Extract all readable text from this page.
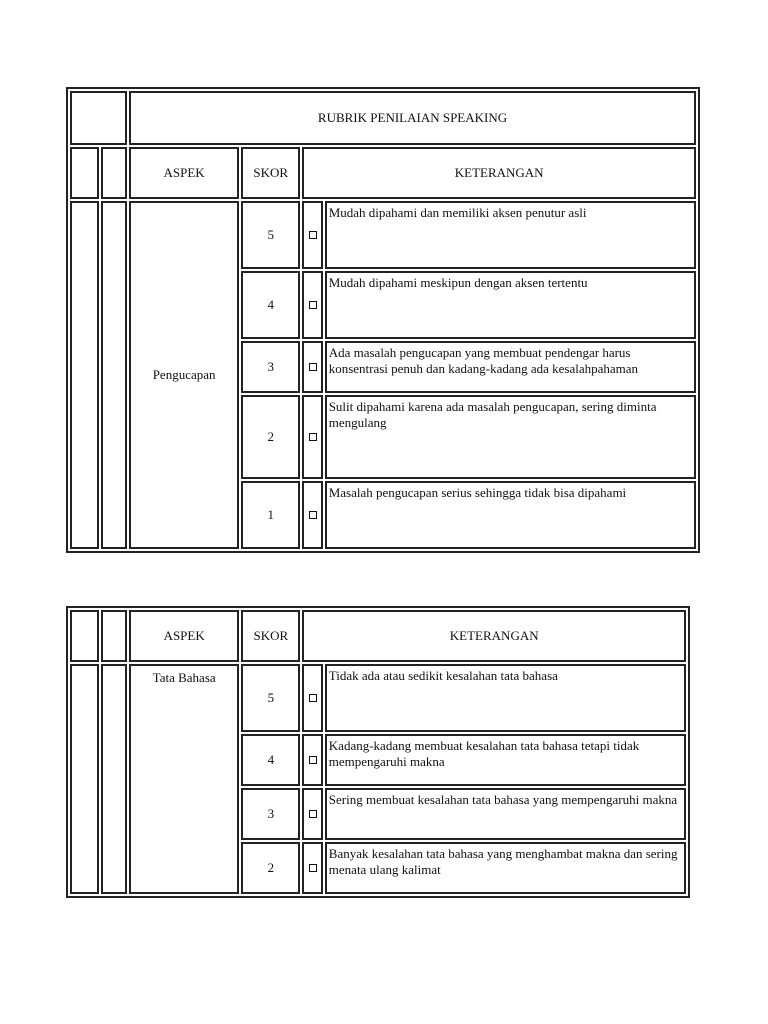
		RUBRIK PENILAIAN SPEAKING			
		ASPEK	SKOR	KETERANGAN	
		Pengucapan	5		Mudah dipahami dan memiliki aksen penutur asli
			4		Mudah dipahami meskipun dengan aksen tertentu
			3		Ada masalah pengucapan yang membuat pendengar harus konsentrasi penuh dan kadang-kadang ada kesalahpahaman
			2		Sulit dipahami karena ada masalah pengucapan, sering diminta mengulang
			1		Masalah pengucapan serius sehingga tidak bisa dipahami
		ASPEK	SKOR	KETERANGAN	
		Tata Bahasa	5		Tidak ada atau sedikit kesalahan tata bahasa
			4		Kadang-kadang membuat kesalahan tata bahasa tetapi tidak mempengaruhi makna
			3		Sering membuat kesalahan tata bahasa yang mempengaruhi makna
			2		Banyak kesalahan tata bahasa yang menghambat makna dan sering menata ulang kalimat
